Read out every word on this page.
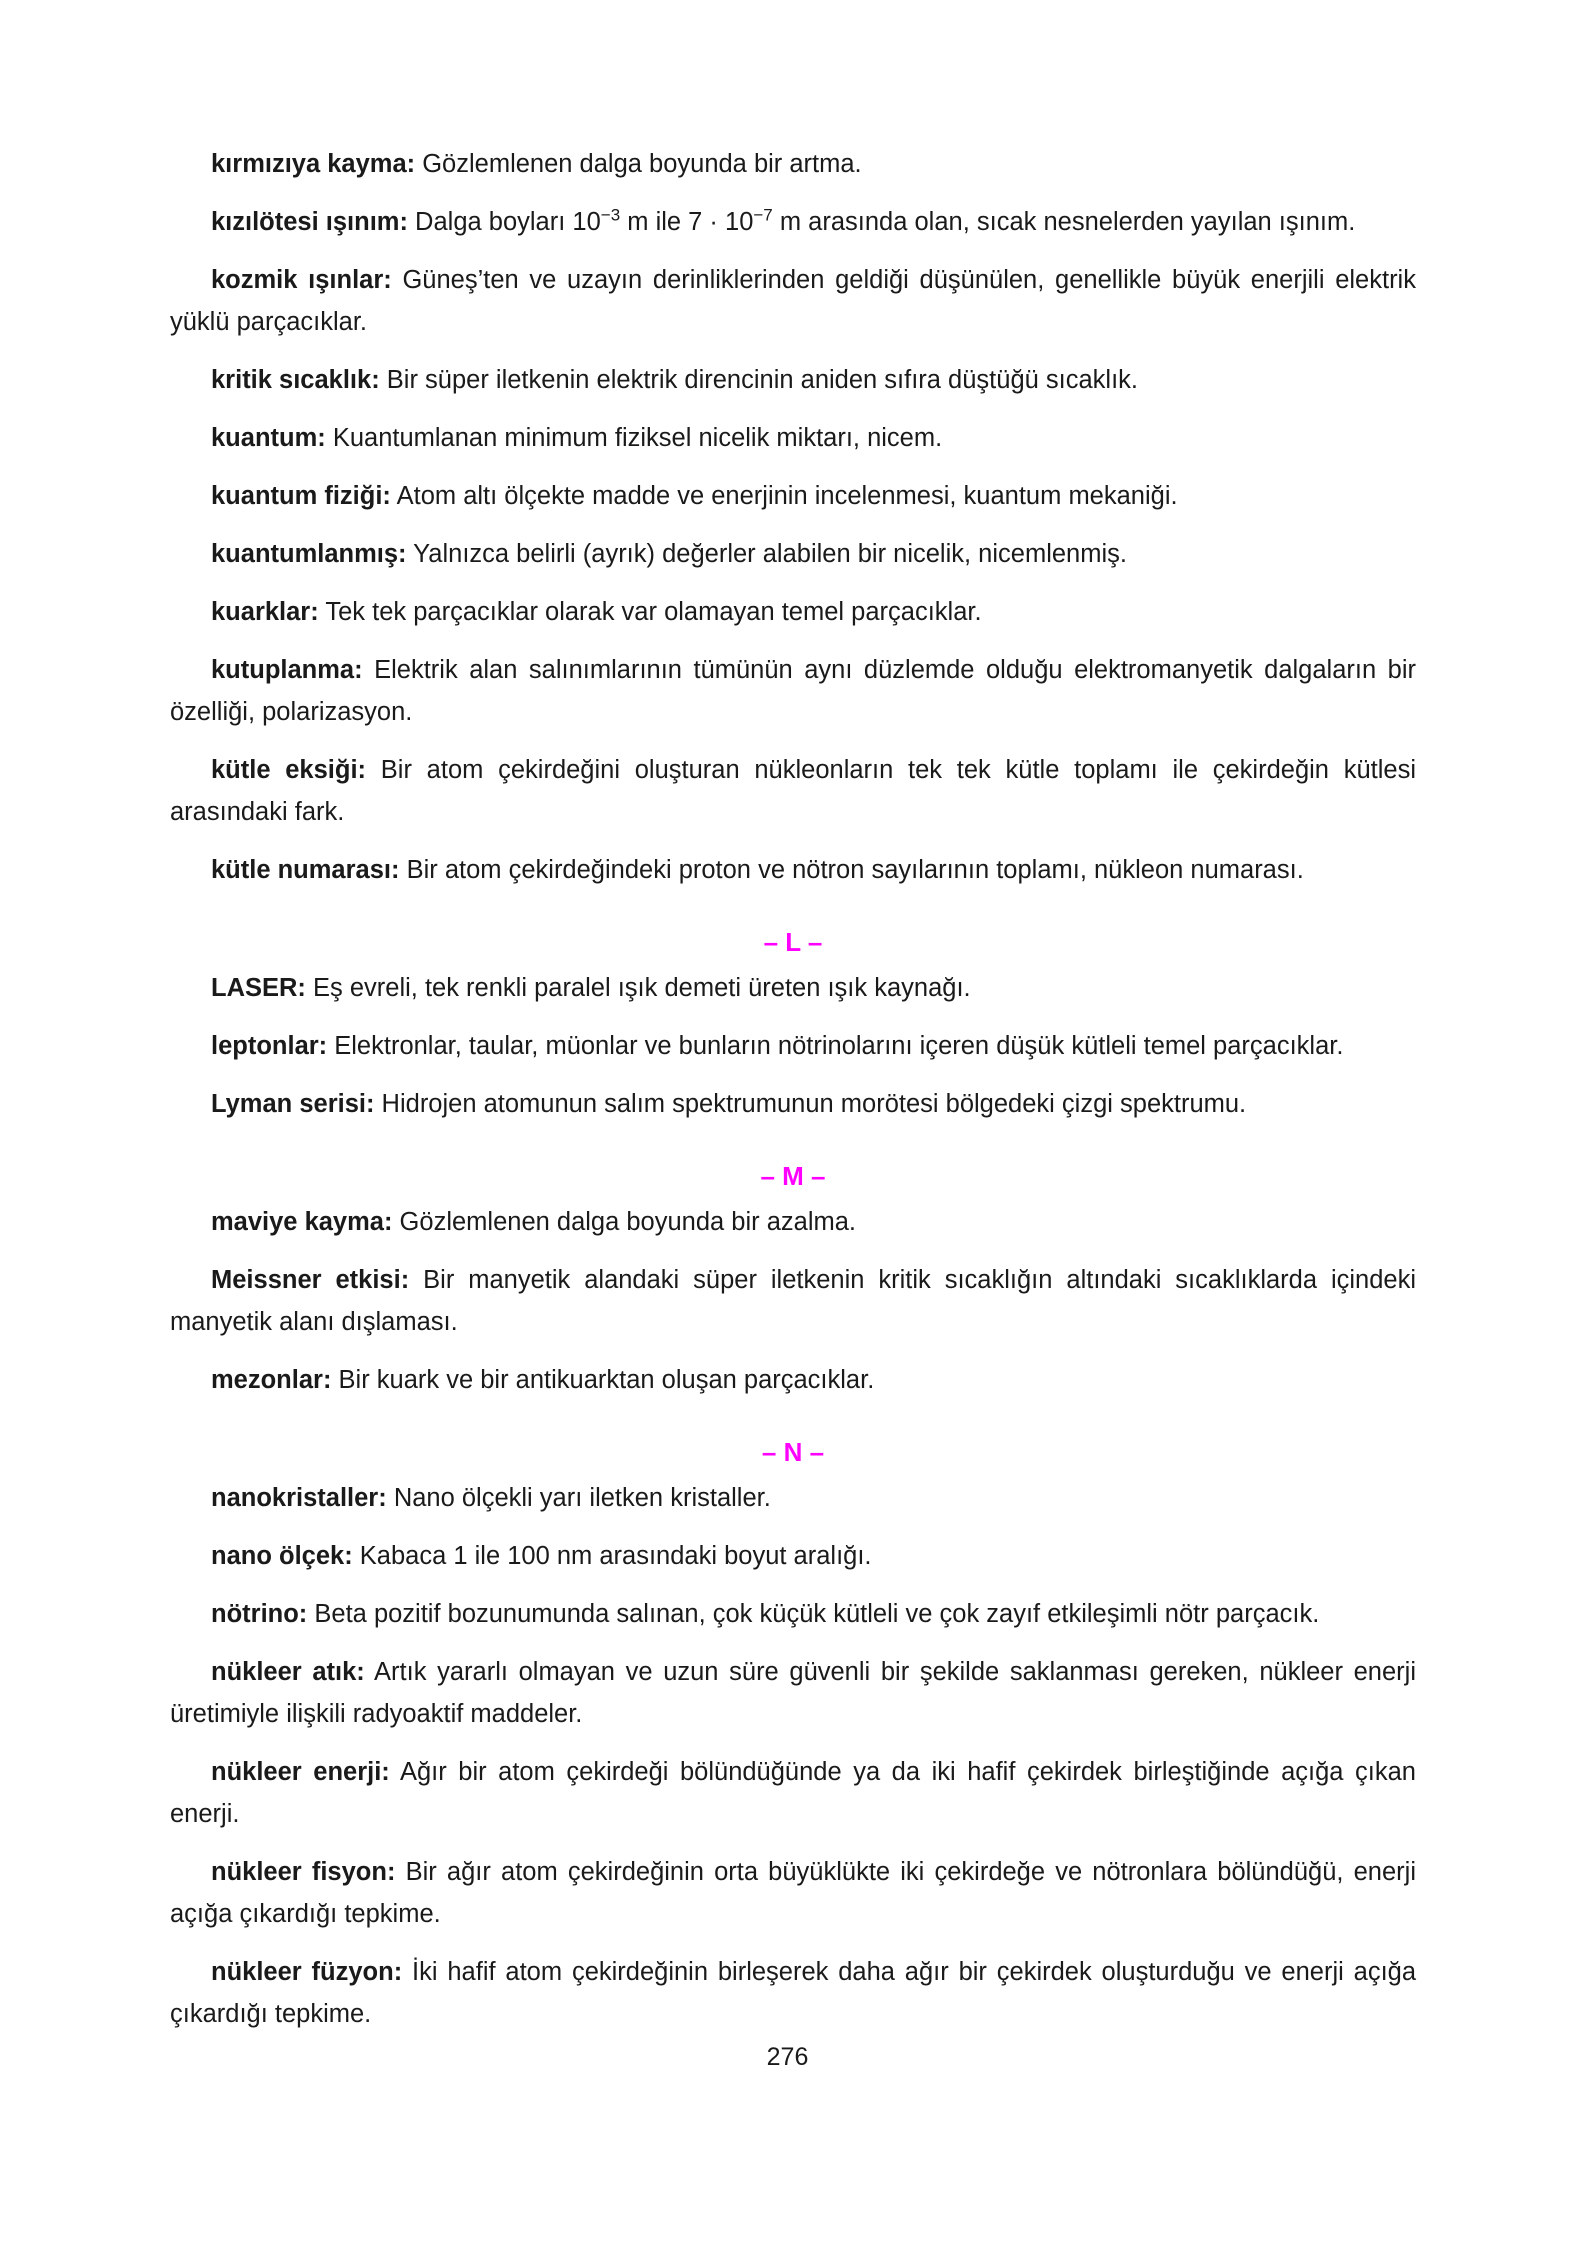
kırmızıya kayma: Gözlemlenen dalga boyunda bir artma.

kızılötesi ışınım: Dalga boyları $10^{-3}$ m ile $7 \cdot 10^{-7}$ m arasında olan, sıcak nesnelerden yayılan ışınım.

kozmik ışınlar: Güneş’ten ve uzayın derinliklerinden geldiği düşünülen, genellikle büyük enerjili elektrik yüklü parçacıklar.

kritik sıcaklık: Bir süper iletkenin elektrik direncinin aniden sıfıra düştüğü sıcaklık.

kuantum: Kuantumlanan minimum fiziksel nicelik miktarı, nicem.

kuantum fiziği: Atom altı ölçekte madde ve enerjinin incelenmesi, kuantum mekaniği.

kuantumlanmış: Yalnızca belirli (ayrık) değerler alabilen bir nicelik, nicemlenmiş.

kuarklar: Tek tek parçacıklar olarak var olamayan temel parçacıklar.

kutuplanma: Elektrik alan salınımlarının tümünün aynı düzlemde olduğu elektromanyetik dalgaların bir özelliği, polarizasyon.

kütle eksiği: Bir atom çekirdeğini oluşturan nükleonların tek tek kütle toplamı ile çekirdeğin kütlesi arasındaki fark.

kütle numarası: Bir atom çekirdeğindeki proton ve nötron sayılarının toplamı, nükleon numarası.

– L –

LASER: Eş evreli, tek renkli paralel ışık demeti üreten ışık kaynağı.

leptonlar: Elektronlar, taular, müonlar ve bunların nötrinolarını içeren düşük kütleli temel parçacıklar.

Lyman serisi: Hidrojen atomunun salım spektrumunun morötesi bölgedeki çizgi spektrumu.

– M –

maviye kayma: Gözlemlenen dalga boyunda bir azalma.

Meissner etkisi: Bir manyetik alandaki süper iletkenin kritik sıcaklığın altındaki sıcaklıklarda içindeki manyetik alanı dışlaması.

mezonlar: Bir kuark ve bir antikuarktan oluşan parçacıklar.

– N –

nanokristaller: Nano ölçekli yarı iletken kristaller.

nano ölçek: Kabaca 1 ile 100 nm arasındaki boyut aralığı.

nötrino: Beta pozitif bozunumunda salınan, çok küçük kütleli ve çok zayıf etkileşimli nötr parçacık.

nükleer atık: Artık yararlı olmayan ve uzun süre güvenli bir şekilde saklanması gereken, nükleer enerji üretimiyle ilişkili radyoaktif maddeler.

nükleer enerji: Ağır bir atom çekirdeği bölündüğünde ya da iki hafif çekirdek birleştiğinde açığa çıkan enerji.

nükleer fisyon: Bir ağır atom çekirdeğinin orta büyüklükte iki çekirdeğe ve nötronlara bölündüğü, enerji açığa çıkardığı tepkime.

nükleer füzyon: İki hafif atom çekirdeğinin birleşerek daha ağır bir çekirdek oluşturduğu ve enerji açığa çıkardığı tepkime.

276
